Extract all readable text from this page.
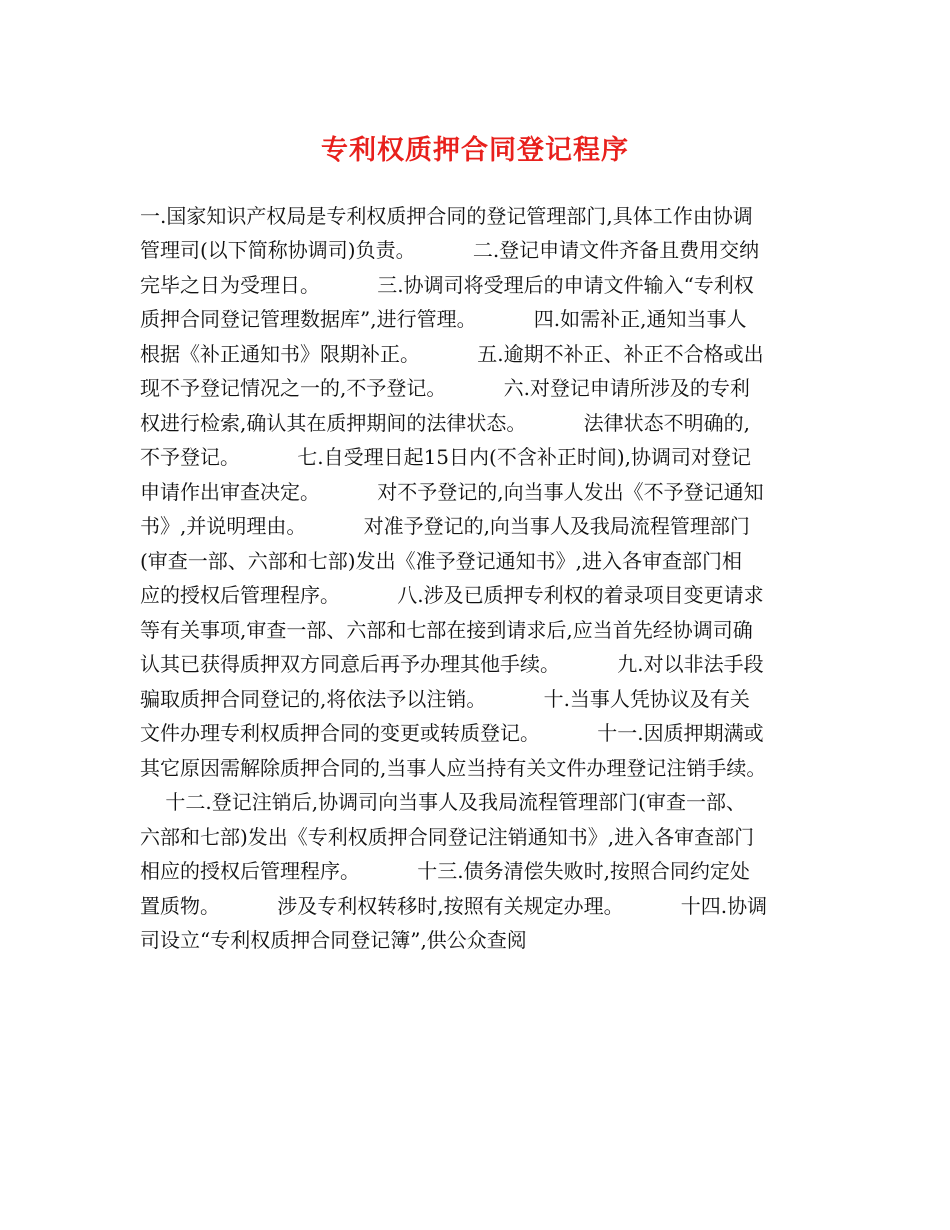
专利权质押合同登记程序
一.国家知识产权局是专利权质押合同的登记管理部门,具体工作由协调
管理司(以下简称协调司)负责。         二.登记申请文件齐备且费用交纳
完毕之日为受理日。         三.协调司将受理后的申请文件输入“专利权
质押合同登记管理数据库”,进行管理。         四.如需补正,通知当事人
根据《补正通知书》限期补正。         五.逾期不补正、补正不合格或出
现不予登记情况之一的,不予登记。         六.对登记申请所涉及的专利
权进行检索,确认其在质押期间的法律状态。         法律状态不明确的,
不予登记。         七.自受理日起15日内(不含补正时间),协调司对登记
申请作出审查决定。         对不予登记的,向当事人发出《不予登记通知
书》,并说明理由。         对准予登记的,向当事人及我局流程管理部门
(审查一部、六部和七部)发出《准予登记通知书》,进入各审查部门相
应的授权后管理程序。         八.涉及已质押专利权的着录项目变更请求
等有关事项,审查一部、六部和七部在接到请求后,应当首先经协调司确
认其已获得质押双方同意后再予办理其他手续。         九.对以非法手段
骗取质押合同登记的,将依法予以注销。         十.当事人凭协议及有关
文件办理专利权质押合同的变更或转质登记。         十一.因质押期满或
其它原因需解除质押合同的,当事人应当持有关文件办理登记注销手续。
十二.登记注销后,协调司向当事人及我局流程管理部门(审查一部、
六部和七部)发出《专利权质押合同登记注销通知书》,进入各审查部门
相应的授权后管理程序。         十三.债务清偿失败时,按照合同约定处
置质物。         涉及专利权转移时,按照有关规定办理。         十四.协调
司设立“专利权质押合同登记簿”,供公众查阅
